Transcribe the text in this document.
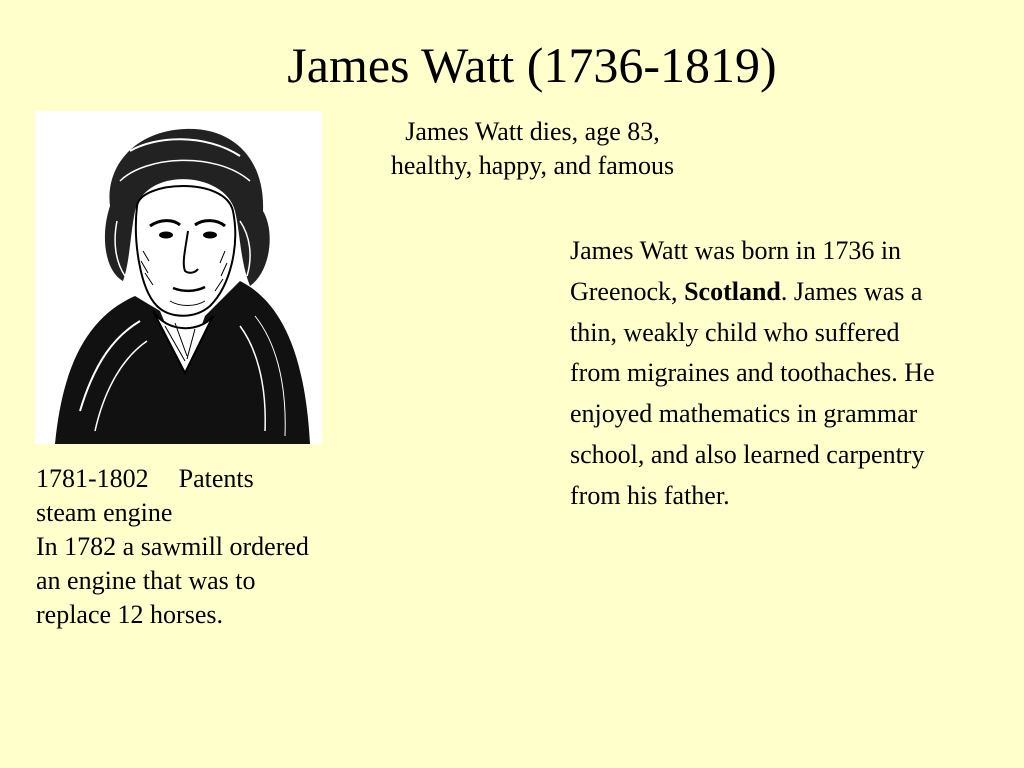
James Watt (1736-1819)
James Watt dies, age 83,
healthy, happy, and famous
1781-1802 Patents
steam engine
In 1782 a sawmill ordered
an engine that was to
replace 12 horses.
James Watt was born in 1736 in Greenock, Scotland. James was a thin, weakly child who suffered from migraines and toothaches. He enjoyed mathematics in grammar school, and also learned carpentry from his father.
